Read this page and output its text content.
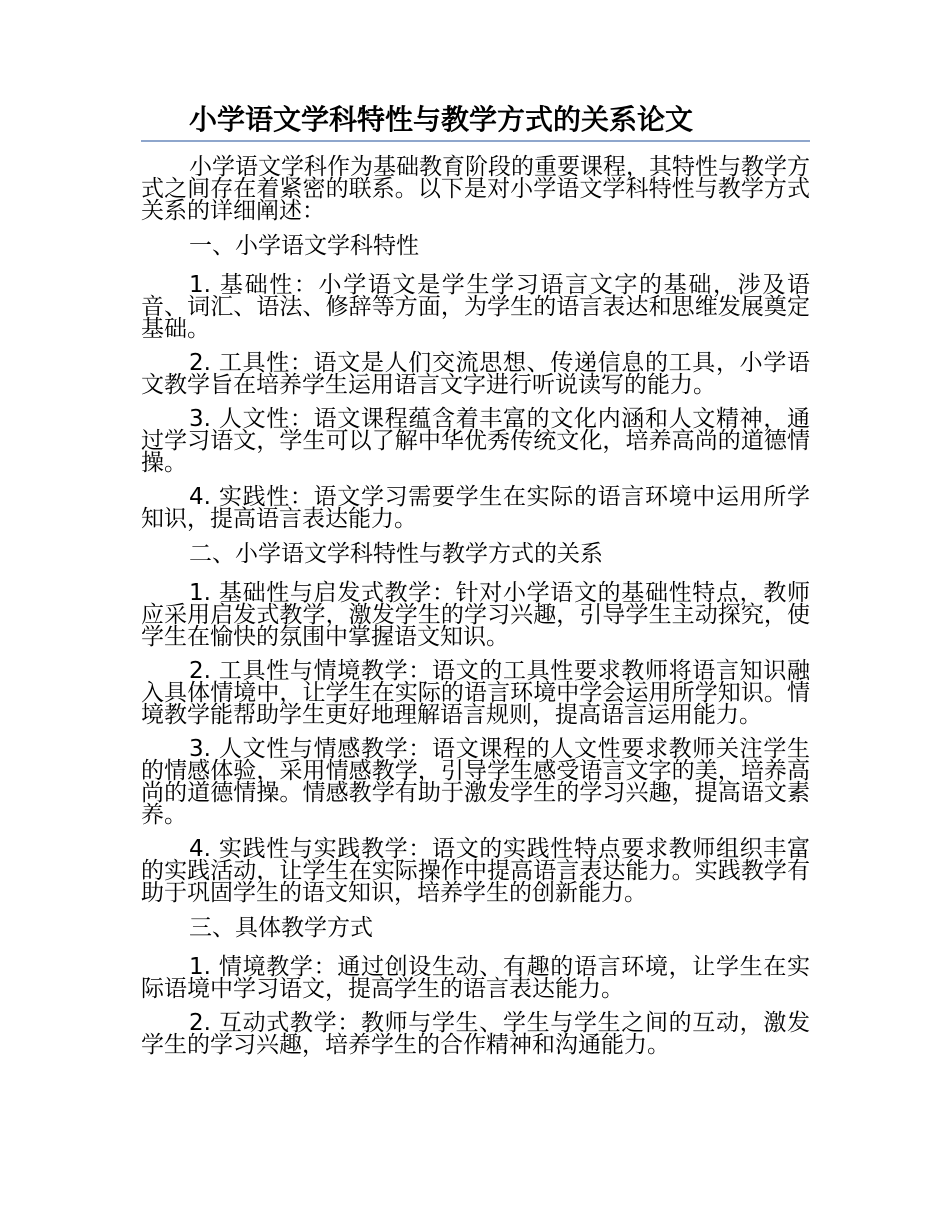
小学语文学科特性与教学方式的关系论文

小学语文学科作为基础教育阶段的重要课程，其特性与教学方式之间存在着紧密的联系。以下是对小学语文学科特性与教学方式关系的详细阐述：

一、小学语文学科特性

1. 基础性：小学语文是学生学习语言文字的基础，涉及语音、词汇、语法、修辞等方面，为学生的语言表达和思维发展奠定基础。

2. 工具性：语文是人们交流思想、传递信息的工具，小学语文教学旨在培养学生运用语言文字进行听说读写的能力。

3. 人文性：语文课程蕴含着丰富的文化内涵和人文精神，通过学习语文，学生可以了解中华优秀传统文化，培养高尚的道德情操。

4. 实践性：语文学习需要学生在实际的语言环境中运用所学知识，提高语言表达能力。

二、小学语文学科特性与教学方式的关系

1. 基础性与启发式教学：针对小学语文的基础性特点，教师应采用启发式教学，激发学生的学习兴趣，引导学生主动探究，使学生在愉快的氛围中掌握语文知识。

2. 工具性与情境教学：语文的工具性要求教师将语言知识融入具体情境中，让学生在实际的语言环境中学会运用所学知识。情境教学能帮助学生更好地理解语言规则，提高语言运用能力。

3. 人文性与情感教学：语文课程的人文性要求教师关注学生的情感体验，采用情感教学，引导学生感受语言文字的美，培养高尚的道德情操。情感教学有助于激发学生的学习兴趣，提高语文素养。

4. 实践性与实践教学：语文的实践性特点要求教师组织丰富的实践活动，让学生在实际操作中提高语言表达能力。实践教学有助于巩固学生的语文知识，培养学生的创新能力。

三、具体教学方式

1. 情境教学：通过创设生动、有趣的语言环境，让学生在实际语境中学习语文，提高学生的语言表达能力。

2. 互动式教学：教师与学生、学生与学生之间的互动，激发学生的学习兴趣，培养学生的合作精神和沟通能力。
